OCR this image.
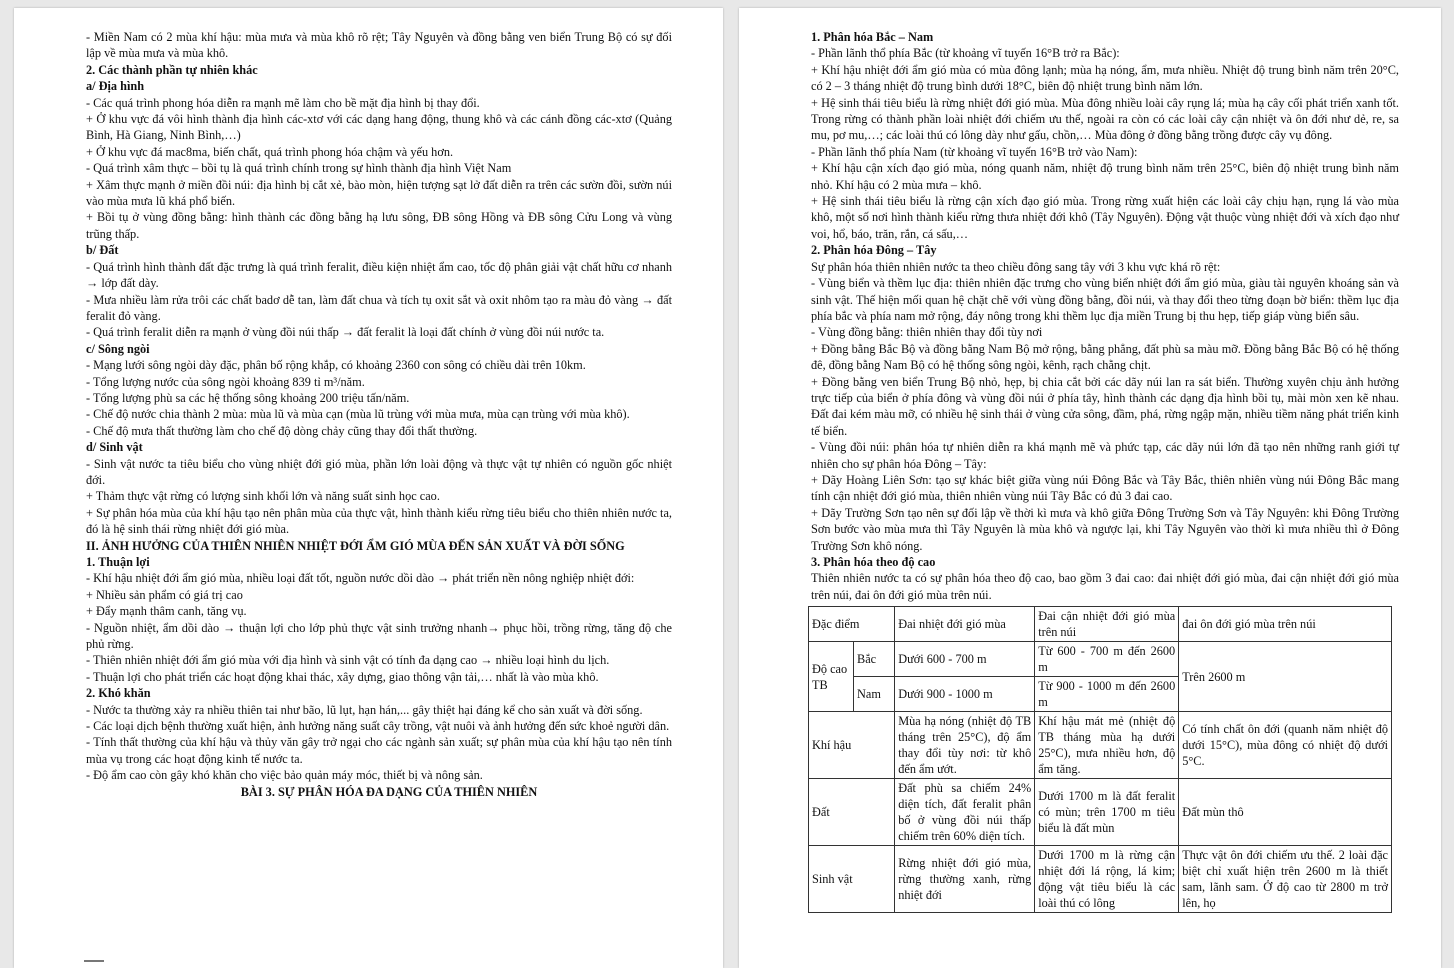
- Miền Nam có 2 mùa khí hậu: mùa mưa và mùa khô rõ rệt; Tây Nguyên và đồng bằng ven biển Trung Bộ có sự đối lập về mùa mưa và mùa khô.

2. Các thành phần tự nhiên khác

a/ Địa hình

- Các quá trình phong hóa diễn ra mạnh mẽ làm cho bề mặt địa hình bị thay đổi.

+ Ở khu vực đá vôi hình thành địa hình các-xtơ với các dạng hang động, thung khô và các cánh đồng các-xtơ (Quảng Bình, Hà Giang, Ninh Bình,…)

+ Ở khu vực đá mac8ma, biến chất, quá trình phong hóa chậm và yếu hơn.

- Quá trình xâm thực – bồi tụ là quá trình chính trong sự hình thành địa hình Việt Nam

+ Xâm thực mạnh ở miền đồi núi: địa hình bị cắt xẻ, bào mòn, hiện tượng sạt lở đất diễn ra trên các sườn đồi, sườn núi vào mùa mưa lũ khá phổ biến.

+ Bồi tụ ở vùng đồng bằng: hình thành các đồng bằng hạ lưu sông, ĐB sông Hồng và ĐB sông Cửu Long và vùng trũng thấp.

b/ Đất

- Quá trình hình thành đất đặc trưng là quá trình feralit, điều kiện nhiệt ẩm cao, tốc độ phân giải vật chất hữu cơ nhanh → lớp đất dày.

- Mưa nhiều làm rửa trôi các chất badơ dễ tan, làm đất chua và tích tụ oxit sắt và oxit nhôm tạo ra màu đỏ vàng → đất feralit đỏ vàng.

- Quá trình feralit diễn ra mạnh ở vùng đồi núi thấp → đất feralit là loại đất chính ở vùng đồi núi nước ta.

c/ Sông ngòi

- Mạng lưới sông ngòi dày đặc, phân bố rộng khắp, có khoảng 2360 con sông có chiều dài trên 10km.

- Tổng lượng nước của sông ngòi khoảng 839 tỉ m³/năm.

- Tổng lượng phù sa các hệ thống sông khoảng 200 triệu tấn/năm.

- Chế độ nước chia thành 2 mùa: mùa lũ và mùa cạn (mùa lũ trùng với mùa mưa, mùa cạn trùng với mùa khô).

- Chế độ mưa thất thường làm cho chế độ dòng chảy cũng thay đổi thất thường.

d/ Sinh vật

- Sinh vật nước ta tiêu biểu cho vùng nhiệt đới gió mùa, phần lớn loài động và thực vật tự nhiên có nguồn gốc nhiệt đới.

+ Thảm thực vật rừng có lượng sinh khối lớn và năng suất sinh học cao.

+ Sự phân hóa mùa của khí hậu tạo nên phân mùa của thực vật, hình thành kiểu rừng tiêu biểu cho thiên nhiên nước ta, đó là hệ sinh thái rừng nhiệt đới gió mùa.

II. ẢNH HƯỞNG CỦA THIÊN NHIÊN NHIỆT ĐỚI ẨM GIÓ MÙA ĐẾN SẢN XUẤT VÀ ĐỜI SỐNG

1. Thuận lợi

- Khí hậu nhiệt đới ẩm gió mùa, nhiều loại đất tốt, nguồn nước dồi dào → phát triển nền nông nghiệp nhiệt đới:

+ Nhiều sản phẩm có giá trị cao

+ Đẩy mạnh thâm canh, tăng vụ.

- Nguồn nhiệt, ẩm dồi dào → thuận lợi cho lớp phủ thực vật sinh trưởng nhanh→ phục hồi, trồng rừng, tăng độ che phủ rừng.

- Thiên nhiên nhiệt đới ẩm gió mùa với địa hình và sinh vật có tính đa dạng cao → nhiều loại hình du lịch.

- Thuận lợi cho phát triển các hoạt động khai thác, xây dựng, giao thông vận tải,… nhất là vào mùa khô.

2. Khó khăn

- Nước ta thường xảy ra nhiều thiên tai như bão, lũ lụt, hạn hán,... gây thiệt hại đáng kể cho sản xuất và đời sống.

- Các loại dịch bệnh thường xuất hiện, ảnh hưởng năng suất cây trồng, vật nuôi và ảnh hưởng đến sức khoẻ người dân.

- Tính thất thường của khí hậu và thủy văn gây trở ngại cho các ngành sản xuất; sự phân mùa của khí hậu tạo nên tính mùa vụ trong các hoạt động kinh tế nước ta.

- Độ ẩm cao còn gây khó khăn cho việc bảo quản máy móc, thiết bị và nông sản.

BÀI 3. SỰ PHÂN HÓA ĐA DẠNG CỦA THIÊN NHIÊN

1. Phân hóa Bắc – Nam

- Phần lãnh thổ phía Bắc (từ khoảng vĩ tuyến 16°B trở ra Bắc):

+ Khí hậu nhiệt đới ẩm gió mùa có mùa đông lạnh; mùa hạ nóng, ẩm, mưa nhiều. Nhiệt độ trung bình năm trên 20°C, có 2 – 3 tháng nhiệt độ trung bình dưới 18°C, biên độ nhiệt trung bình năm lớn.

+ Hệ sinh thái tiêu biểu là rừng nhiệt đới gió mùa. Mùa đông nhiều loài cây rụng lá; mùa hạ cây cối phát triển xanh tốt. Trong rừng có thành phần loài nhiệt đới chiếm ưu thế, ngoài ra còn có các loài cây cận nhiệt và ôn đới như dẻ, re, sa mu, pơ mu,…; các loài thú có lông dày như gấu, chồn,… Mùa đông ở đồng bằng trồng được cây vụ đông.

- Phần lãnh thổ phía Nam (từ khoảng vĩ tuyến 16°B trở vào Nam):

+ Khí hậu cận xích đạo gió mùa, nóng quanh năm, nhiệt độ trung bình năm trên 25°C, biên độ nhiệt trung bình năm nhỏ. Khí hậu có 2 mùa mưa – khô.

+ Hệ sinh thái tiêu biểu là rừng cận xích đạo gió mùa. Trong rừng xuất hiện các loài cây chịu hạn, rụng lá vào mùa khô, một số nơi hình thành kiểu rừng thưa nhiệt đới khô (Tây Nguyên). Động vật thuộc vùng nhiệt đới và xích đạo như voi, hổ, báo, trăn, rắn, cá sấu,…

2. Phân hóa Đông – Tây

Sự phân hóa thiên nhiên nước ta theo chiều đông sang tây với 3 khu vực khá rõ rệt:

- Vùng biển và thềm lục địa: thiên nhiên đặc trưng cho vùng biển nhiệt đới ẩm gió mùa, giàu tài nguyên khoáng sản và sinh vật. Thế hiện mối quan hệ chặt chẽ với vùng đồng bằng, đồi núi, và thay đổi theo từng đoạn bờ biển: thềm lục địa phía bắc và phía nam mở rộng, đáy nông trong khi thềm lục địa miền Trung bị thu hẹp, tiếp giáp vùng biển sâu.

- Vùng đồng bằng: thiên nhiên thay đổi tùy nơi

+ Đồng bằng Bắc Bộ và đồng bằng Nam Bộ mở rộng, bằng phẳng, đất phù sa màu mỡ. Đồng bằng Bắc Bộ có hệ thống đê, đồng bằng Nam Bộ có hệ thống sông ngòi, kênh, rạch chằng chịt.

+ Đồng bằng ven biển Trung Bộ nhỏ, hẹp, bị chia cắt bởi các dãy núi lan ra sát biển. Thường xuyên chịu ảnh hưởng trực tiếp của biển ở phía đông và vùng đồi núi ở phía tây, hình thành các dạng địa hình bồi tụ, mài mòn xen kẽ nhau. Đất đai kém màu mỡ, có nhiều hệ sinh thái ở vùng cửa sông, đầm, phá, rừng ngập mặn, nhiều tiềm năng phát triển kinh tế biển.

- Vùng đồi núi: phân hóa tự nhiên diễn ra khá mạnh mẽ và phức tạp, các dãy núi lớn đã tạo nên những ranh giới tự nhiên cho sự phân hóa Đông – Tây:

+ Dãy Hoàng Liên Sơn: tạo sự khác biệt giữa vùng núi Đông Bắc và Tây Bắc, thiên nhiên vùng núi Đông Bắc mang tính cận nhiệt đới gió mùa, thiên nhiên vùng núi Tây Bắc có đủ 3 đai cao.

+ Dãy Trường Sơn tạo nên sự đối lập về thời kì mưa và khô giữa Đông Trường Sơn và Tây Nguyên: khi Đông Trường Sơn bước vào mùa mưa thì Tây Nguyên là mùa khô và ngược lại, khi Tây Nguyên vào thời kì mưa nhiều thì ở Đông Trường Sơn khô nóng.

3. Phân hóa theo độ cao

Thiên nhiên nước ta có sự phân hóa theo độ cao, bao gồm 3 đai cao: đai nhiệt đới gió mùa, đai cận nhiệt đới gió mùa trên núi, đai ôn đới gió mùa trên núi.

Đặc điểm		Đai nhiệt đới gió mùa	Đai cận nhiệt đới gió mùa trên núi	đai ôn đới gió mùa trên núi
Độ cao TB	Bắc	Dưới 600 - 700 m	Từ 600 - 700 m đến 2600 m	Trên 2600 m
	Nam	Dưới 900 - 1000 m	Từ 900 - 1000 m đến 2600 m	
Khí hậu		Mùa hạ nóng (nhiệt độ TB tháng trên 25°C), độ ẩm thay đổi tùy nơi: từ khô đến ẩm ướt.	Khí hậu mát mẻ (nhiệt độ TB tháng mùa hạ dưới 25°C), mưa nhiều hơn, độ ẩm tăng.	Có tính chất ôn đới (quanh năm nhiệt độ dưới 15°C), mùa đông có nhiệt độ dưới 5°C.
Đất		Đất phù sa chiếm 24% diện tích, đất feralit phân bố ở vùng đồi núi thấp chiếm trên 60% diện tích.	Dưới 1700 m là đất feralit có mùn; trên 1700 m tiêu biểu là đất mùn	Đất mùn thô
Sinh vật		Rừng nhiệt đới gió mùa, rừng thường xanh, rừng nhiệt đới	Dưới 1700 m là rừng cận nhiệt đới lá rộng, lá kim; động vật tiêu biểu là các loài thú có lông	Thực vật ôn đới chiếm ưu thế. 2 loài đặc biệt chỉ xuất hiện trên 2600 m là thiết sam, lãnh sam. Ở độ cao từ 2800 m trở lên, họ
